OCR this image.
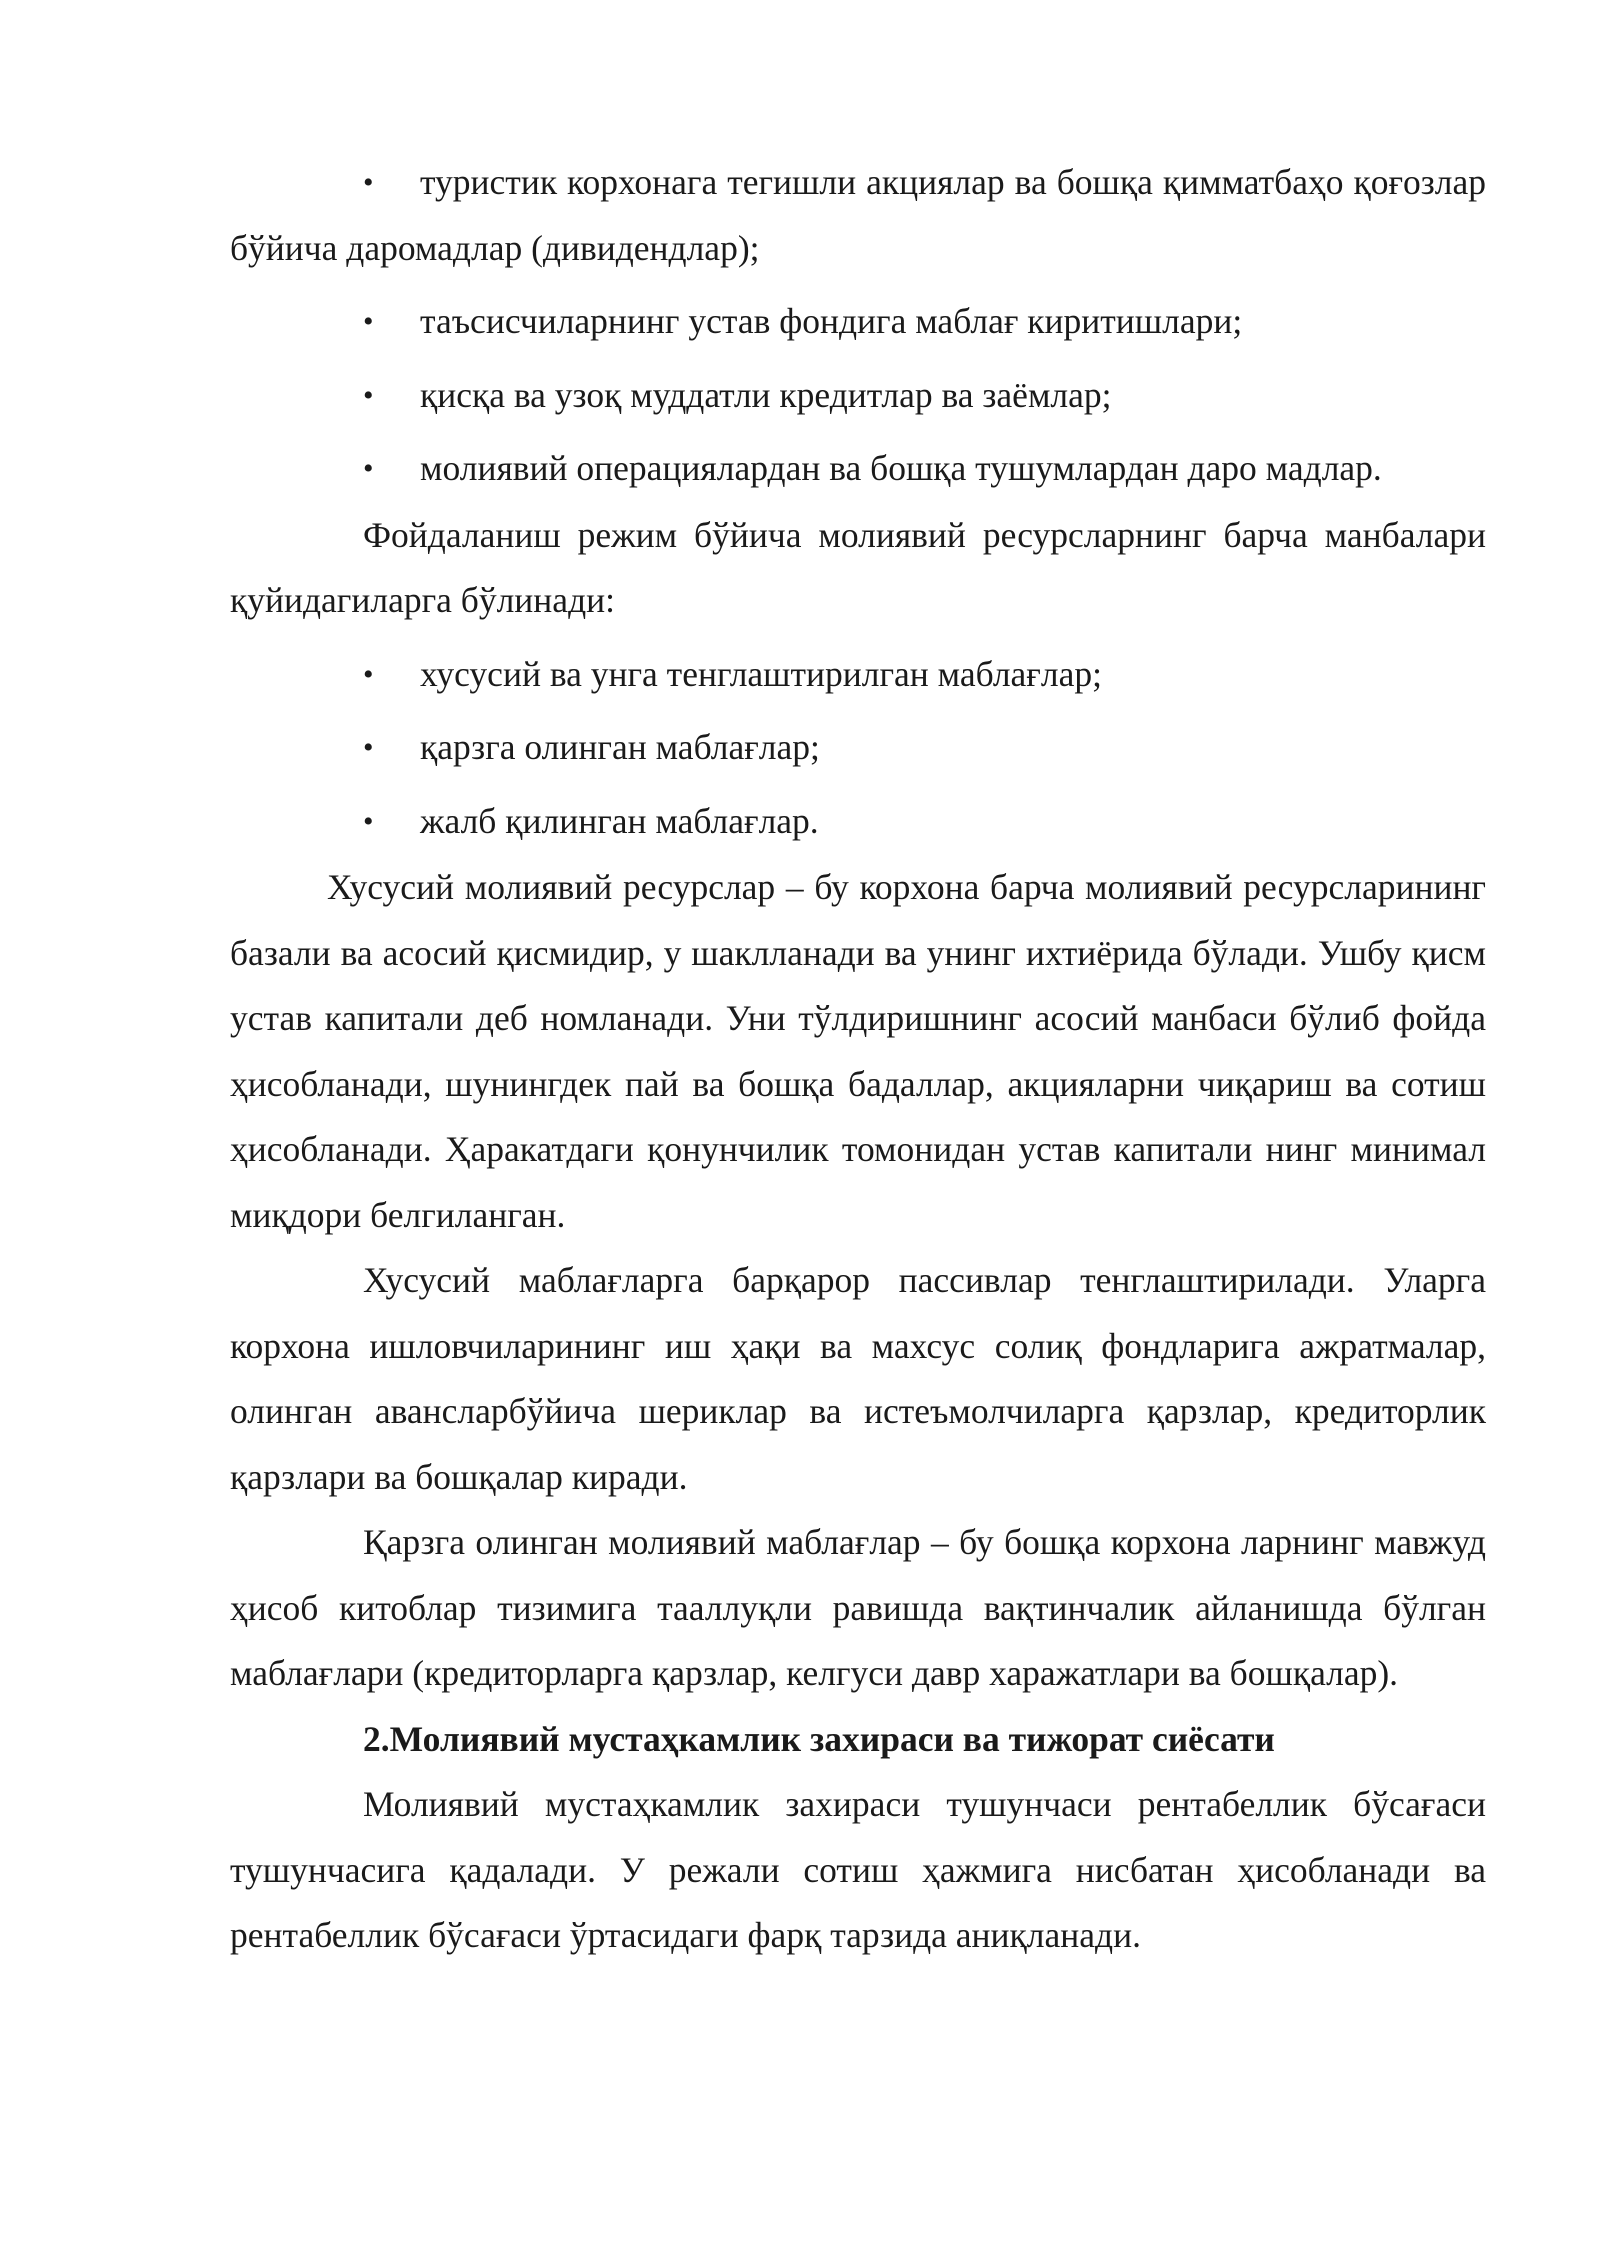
• туристик корхонага тегишли акциялар ва бошқа қимматбаҳо қоғозлар бўйича даромадлар (дивидендлар);

• таъсисчиларнинг устав фондига маблағ киритишлари;

• қисқа ва узоқ муддатли кредитлар ва заёмлар;

• молиявий операциялардан ва бошқа тушумлардан даро мадлар.

Фойдаланиш режим бўйича молиявий ресурсларнинг барча манбалари қуйидагиларга бўлинади:

• хусусий ва унга тенглаштирилган маблағлар;

• қарзга олинган маблағлар;

• жалб қилинган маблағлар.

Хусусий молиявий ресурслар – бу корхона барча молиявий ресурсларининг базали ва асосий қисмидир, у шаклланади ва унинг ихтиёрида бўлади. Ушбу қисм устав капитали деб номланади. Уни тўлдиришнинг асосий манбаси бўлиб фойда ҳисобланади, шунингдек пай ва бошқа бадаллар, акцияларни чиқариш ва сотиш ҳисобланади. Ҳаракатдаги қонунчилик томонидан устав капитали нинг минимал миқдори белгиланган.

Хусусий маблағларга барқарор пассивлар тенглаштирилади. Уларга корхона ишловчиларининг иш ҳақи ва махсус солиқ фондларига ажратмалар, олинган авансларбўйича шериклар ва истеъмолчиларга қарзлар, кредиторлик қарзлари ва бошқалар киради.

Қарзга олинган молиявий маблағлар – бу бошқа корхона ларнинг мавжуд ҳисоб китоблар тизимига тааллуқли равишда вақтинчалик айланишда бўлган маблағлари (кредиторларга қарзлар, келгуси давр харажатлари ва бошқалар).

2.Молиявий мустаҳкамлик захираси ва тижорат сиёсати

Молиявий мустаҳкамлик захираси тушунчаси рентабеллик бўсағаси тушунчасига қадалади. У режали сотиш ҳажмига нисбатан ҳисобланади ва рентабеллик бўсағаси ўртасидаги фарқ тарзида аниқланади.
